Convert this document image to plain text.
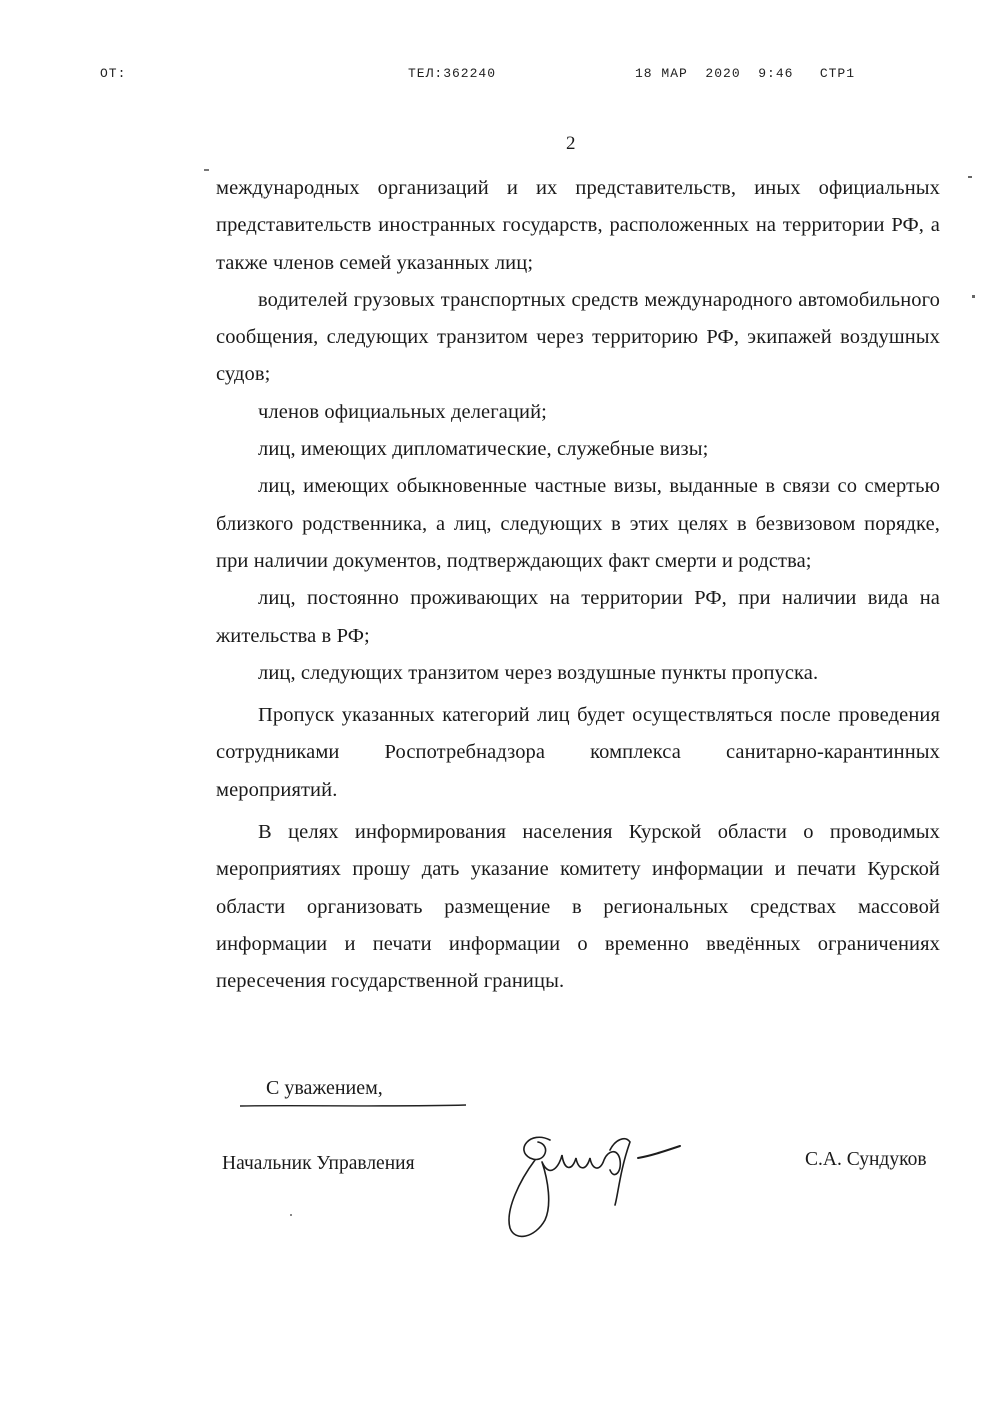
ОТ:	ТЕЛ:362240	18 МАР  2020  9:46   СТР1
2

международных организаций и их представительств, иных официальных представительств иностранных государств, расположенных на территории РФ, а также членов семей указанных лиц;

водителей грузовых транспортных средств международного автомобильного сообщения, следующих транзитом через территорию РФ, экипажей воздушных судов;

членов официальных делегаций;

лиц, имеющих дипломатические, служебные визы;

лиц, имеющих обыкновенные частные визы, выданные в связи со смертью близкого родственника, а лиц, следующих в этих целях в безвизовом порядке, при наличии документов, подтверждающих факт смерти и родства;

лиц, постоянно проживающих на территории РФ, при наличии вида на жительства в РФ;

лиц, следующих транзитом через воздушные пункты пропуска.

Пропуск указанных категорий лиц будет осуществляться после проведения сотрудниками Роспотребнадзора комплекса санитарно-карантинных мероприятий.

В целях информирования населения Курской области о проводимых мероприятиях прошу дать указание комитету информации и печати Курской области организовать размещение в региональных средствах массовой информации и печати информации о временно введённых ограничениях пересечения государственной границы.

С уважением,
Начальник Управления	С.А. Сундуков
